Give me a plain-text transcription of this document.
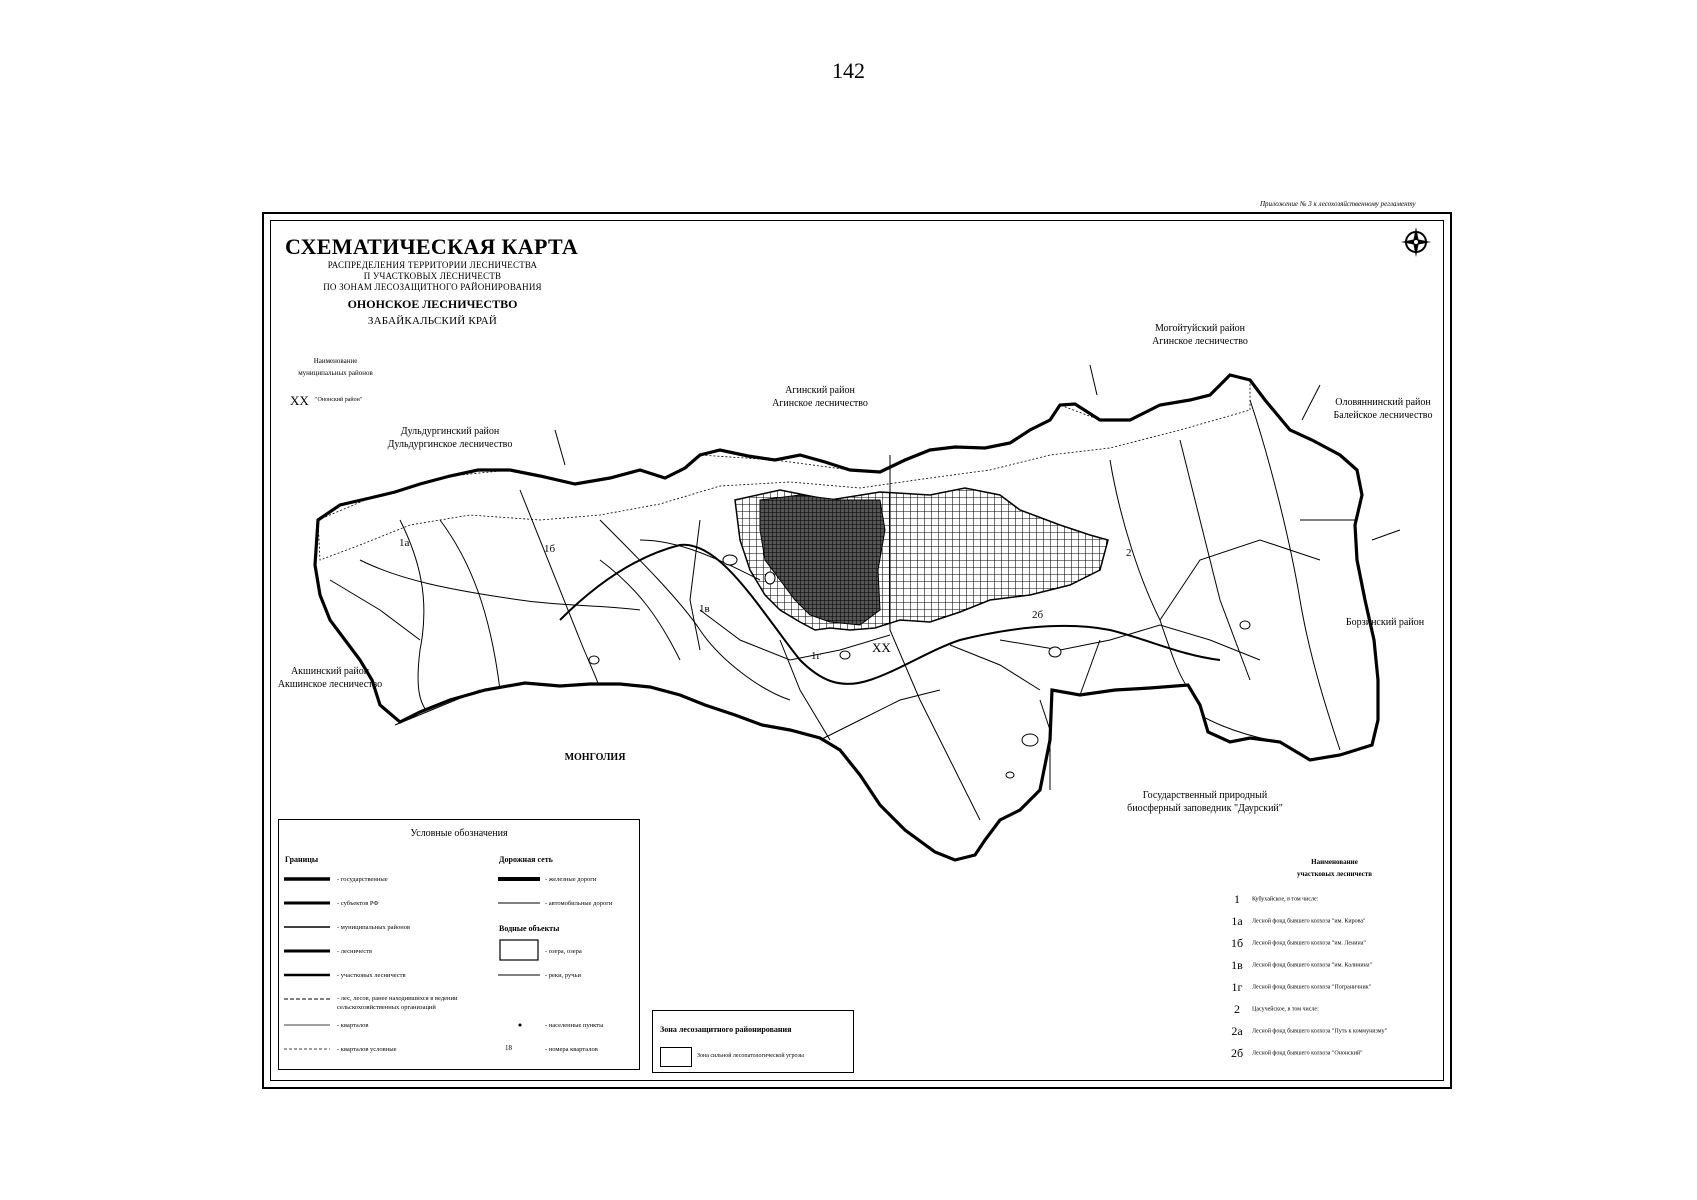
142
Приложение № 3 к лесохозяйственному регламенту
СХЕМАТИЧЕСКАЯ КАРТА
РАСПРЕДЕЛЕНИЯ ТЕРРИТОРИИ ЛЕСНИЧЕСТВА
П УЧАСТКОВЫХ ЛЕСНИЧЕСТВ
ПО ЗОНАМ ЛЕСОЗАЩИТНОГО РАЙОНИРОВАНИЯ
ОНОНСКОЕ ЛЕСНИЧЕСТВО
ЗАБАЙКАЛЬСКИЙ КРАЙ
Наименование
муниципальных районов
XX "Ононский район"
Дульдургинский район
Дульдургинское лесничество
Агинский район
Агинское лесничество
Могойтуйский район
Агинское лесничество
Оловяннинский район
Балейское лесничество
Борзинский район
Акшинский район
Акшинское лесничество
МОНГОЛИЯ
Государственный природный
биосферный заповедник "Даурский"
1а	1б
1в
1г
2
2б
XX
Условные обозначения
Границы
- государственные
- субъектов РФ
- муниципальных районов
- лесничеств
- участковых лесничеств
- лес, лесов, ранее находившихся в ведении сельскохозяйственных организаций
- кварталов
- кварталов условные
Дорожная сеть
- железные дороги
- автомобильные дороги
Водные объекты
- озера, озера
- реки, ручьи
- населенные пункты
18	- номера кварталов
Зона лесозащитного районирования
Зона сильной лесопатологической угрозы
Наименование
участковых лесничеств
1 Кубухайское, в том числе:
1а Лесной фонд бывшего колхоза "им. Кирова"
1б Лесной фонд бывшего колхоза "им. Ленина"
1в Лесной фонд бывшего колхоза "им. Калинина"
1г Лесной фонд бывшего колхоза "Пограничник"
2 Цасучейское, в том числе:
2а Лесной фонд бывшего колхоза "Путь к коммунизму"
2б Лесной фонд бывшего колхоза "Ононский"
